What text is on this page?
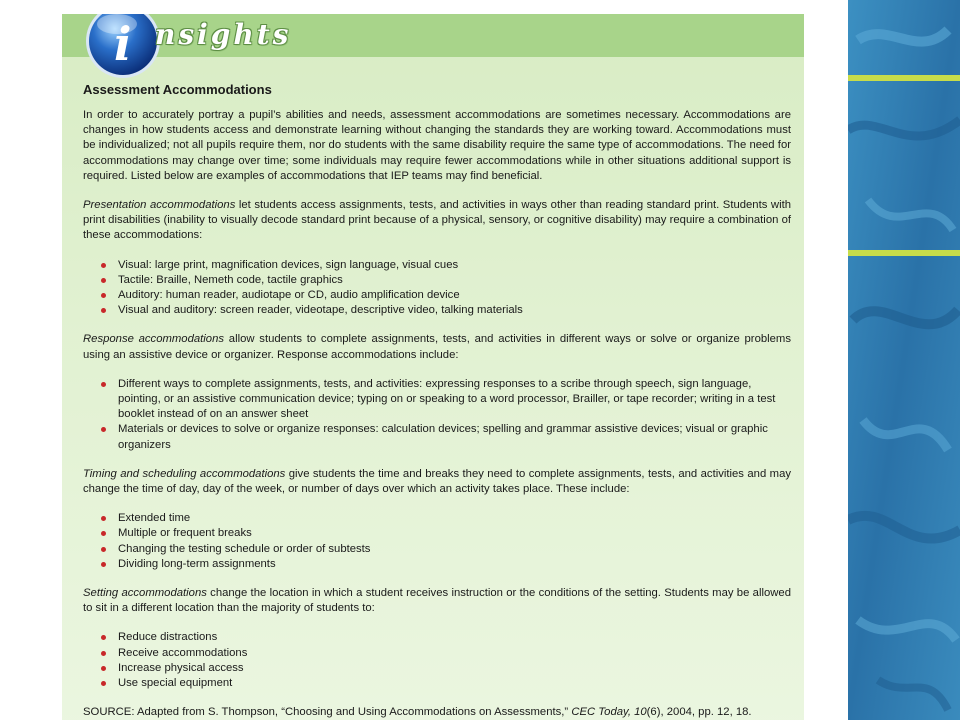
i nsights
Assessment Accommodations

In order to accurately portray a pupil’s abilities and needs, assessment accommodations are sometimes necessary. Accommodations are changes in how students access and demonstrate learning without changing the standards they are working toward. Accommodations must be individualized; not all pupils require them, nor do students with the same disability require the same type of accommodations. The need for accommodations may change over time; some individuals may require fewer accommodations while in other situations additional support is required. Listed below are examples of accommodations that IEP teams may find beneficial.

Presentation accommodations let students access assignments, tests, and activities in ways other than reading standard print. Students with print disabilities (inability to visually decode standard print because of a physical, sensory, or cognitive disability) may require a combination of these accommodations:

Visual: large print, magnification devices, sign language, visual cues
Tactile: Braille, Nemeth code, tactile graphics
Auditory: human reader, audiotape or CD, audio amplification device
Visual and auditory: screen reader, videotape, descriptive video, talking materials

Response accommodations allow students to complete assignments, tests, and activities in different ways or solve or organize problems using an assistive device or organizer. Response accommodations include:

Different ways to complete assignments, tests, and activities: expressing responses to a scribe through speech, sign language, pointing, or an assistive communication device; typing on or speaking to a word processor, Brailler, or tape recorder; writing in a test booklet instead of on an answer sheet
Materials or devices to solve or organize responses: calculation devices; spelling and grammar assistive devices; visual or graphic organizers

Timing and scheduling accommodations give students the time and breaks they need to complete assignments, tests, and activities and may change the time of day, day of the week, or number of days over which an activity takes place. These include:

Extended time
Multiple or frequent breaks
Changing the testing schedule or order of subtests
Dividing long-term assignments

Setting accommodations change the location in which a student receives instruction or the conditions of the setting. Students may be allowed to sit in a different location than the majority of students to:

Reduce distractions
Receive accommodations
Increase physical access
Use special equipment
SOURCE: Adapted from S. Thompson, “Choosing and Using Accommodations on Assessments,” CEC Today, 10(6), 2004, pp. 12, 18.
